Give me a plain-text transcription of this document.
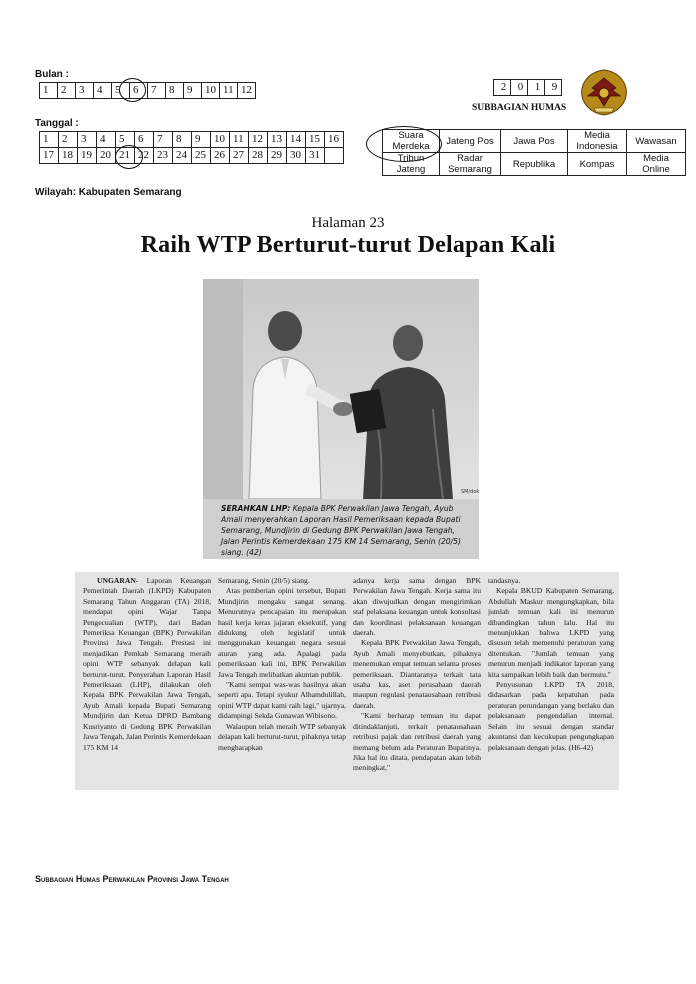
Bulan :
1	2	3	4	5	6	7	8	9	10	11	12
Tanggal :
1	2	3	4	5	6	7	8	9	10	11	12	13	14	15	16
17	18	19	20	21	22	23	24	25	26	27	28	29	30	31	
2	0	1	9
SUBBAGIAN HUMAS
Suara Merdeka	Jateng Pos	Jawa Pos	Media Indonesia	Wawasan
Tribun Jateng	Radar Semarang	Republika	Kompas	Media Online
Wilayah: Kabupaten Semarang
Halaman 23
Raih WTP Berturut-turut Delapan Kali
SM/dok
SERAHKAN LHP: Kepala BPK Perwakilan Jawa Tengah, Ayub Amali menyerahkan Laporan Hasil Pemeriksaan kepada Bupati Semarang, Mundjirin di Gedung BPK Perwakilan Jawa Tengah, Jalan Perintis Kemerdekaan 175 KM 14 Semarang, Senin (20/5) siang. (42)

UNGARAN- Laporan Keuangan Pemerintah Daerah (LKPD) Kabupaten Semarang Tahun Anggaran (TA) 2018, mendapat opini Wajar Tanpa Pengecualian (WTP), dari Badan Pemeriksa Keuangan (BPK) Perwakilan Provinsi Jawa Tengah. Prestasi ini menjadikan Pemkab Semarang meraih opini WTP sebanyak delapan kali berturut-turut. Penyerahan Laporan Hasil Pemeriksaan (LHP), dilakukan oleh Kepala BPK Perwakilan Jawa Tengah, Ayub Amali kepada Bupati Semarang Mundjirin dan Ketua DPRD Bambang Kusriyanto di Gedung BPK Perwakilan Jawa Tengah, Jalan Perintis Kemerdekaan 175 KM 14

Semarang, Senin (20/5) siang.

Atas pemberian opini tersebut, Bupati Mundjirin mengaku sangat senang. Menurutnya pencapaian itu merupakan hasil kerja keras jajaran eksekutif, yang didukung oleh legislatif untuk menggunakan keuangan negara sesuai aturan yang ada. Apalagi pada pemeriksaan kali ini, BPK Perwakilan Jawa Tengah melibatkan akuntan publik.

"Kami sempat was-was hasilnya akan seperti apa. Tetapi syukur Alhamdulillah, opini WTP dapat kami raih lagi," ujarnya, didampingi Sekda Gunawan Wibisono.

Walaupun telah meraih WTP sebanyak delapan kali berturut-turut, pihaknya tetap mengharapkan

adanya kerja sama dengan BPK Perwakilan Jawa Tengah. Kerja sama itu akan diwujudkan dengan mengirimkan staf pelaksana keuangan untuk konsultasi dan koordinasi pelaksanaan keuangan daerah.

Kepala BPK Perwakilan Jawa Tengah, Ayub Amali menyebutkan, pihaknya menemukan empat temuan selama proses pemeriksaan. Diantaranya terkait tata usaha kas, aset perusahaan daerah maupun regulasi penatausahaan retribusi daerah.

"Kami berharap temuan itu dapat ditindaklanjuti, terkait penatausahaan retribusi pajak dan retribusi daerah yang memang belum ada Peraturan Bupatinya. Jika hal itu ditata, pendapatan akan lebih meningkat,"

tandasnya.

Kepala BKUD Kabupaten Semarang, Abdullah Maskur mengungkapkan, bila jumlah temuan kali ini menurun dibandingkan tahun lalu. Hal itu menunjukkan bahwa LKPD yang disusun telah memenuhi peraturan yang ditentukan. "Jumlah temuan yang menurun menjadi indikator laporan yang kita sampaikan lebih baik dan bermutu."

Penyusunan LKPD TA 2018, didasarkan pada kepatuhan pada peraturan perundangan yang berlaku dan pelaksanaan pengendalian internal. Selain itu sesuai dengan standar akuntansi dan kecukupan pengungkapan pelaksanaan dengan jelas. (H6-42)

Subbagian Humas Perwakilan Provinsi Jawa Tengah
